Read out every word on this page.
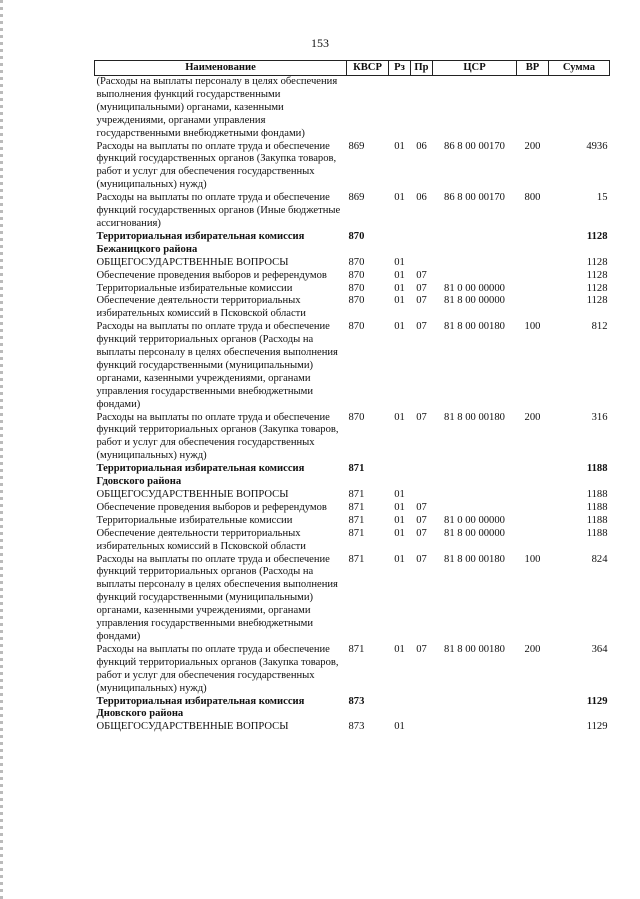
153
Наименование	КВСР	Рз	Пр	ЦСР	ВР	Сумма
(Расходы на выплаты персоналу в целях обеспечения выполнения функций государственными (муниципальными) органами, казенными учреждениями, органами управления государственными внебюджетными фондами)						
Расходы на выплаты по оплате труда и обеспечение функций государственных органов (Закупка товаров, работ и услуг для обеспечения государственных (муниципальных) нужд)	869	01	06	86 8 00 00170	200	4936
Расходы на выплаты по оплате труда и обеспечение функций государственных органов (Иные бюджетные ассигнования)	869	01	06	86 8 00 00170	800	15
Территориальная избирательная комиссия Бежаницкого района	870					1128
ОБЩЕГОСУДАРСТВЕННЫЕ ВОПРОСЫ	870	01				1128
Обеспечение проведения выборов и референдумов	870	01	07			1128
Территориальные избирательные комиссии	870	01	07	81 0 00 00000		1128
Обеспечение деятельности территориальных избирательных комиссий в Псковской области	870	01	07	81 8 00 00000		1128
Расходы на выплаты по оплате труда и обеспечение функций территориальных органов (Расходы на выплаты персоналу в целях обеспечения выполнения функций государственными (муниципальными) органами, казенными учреждениями, органами управления государственными внебюджетными фондами)	870	01	07	81 8 00 00180	100	812
Расходы на выплаты по оплате труда и обеспечение функций территориальных органов (Закупка товаров, работ и услуг для обеспечения государственных (муниципальных) нужд)	870	01	07	81 8 00 00180	200	316
Территориальная избирательная комиссия Гдовского района	871					1188
ОБЩЕГОСУДАРСТВЕННЫЕ ВОПРОСЫ	871	01				1188
Обеспечение проведения выборов и референдумов	871	01	07			1188
Территориальные избирательные комиссии	871	01	07	81 0 00 00000		1188
Обеспечение деятельности территориальных избирательных комиссий в Псковской области	871	01	07	81 8 00 00000		1188
Расходы на выплаты по оплате труда и обеспечение функций территориальных органов (Расходы на выплаты персоналу в целях обеспечения выполнения функций государственными (муниципальными) органами, казенными учреждениями, органами управления государственными внебюджетными фондами)	871	01	07	81 8 00 00180	100	824
Расходы на выплаты по оплате труда и обеспечение функций территориальных органов (Закупка товаров, работ и услуг для обеспечения государственных (муниципальных) нужд)	871	01	07	81 8 00 00180	200	364
Территориальная избирательная комиссия Дновского района	873					1129
ОБЩЕГОСУДАРСТВЕННЫЕ ВОПРОСЫ	873	01				1129
